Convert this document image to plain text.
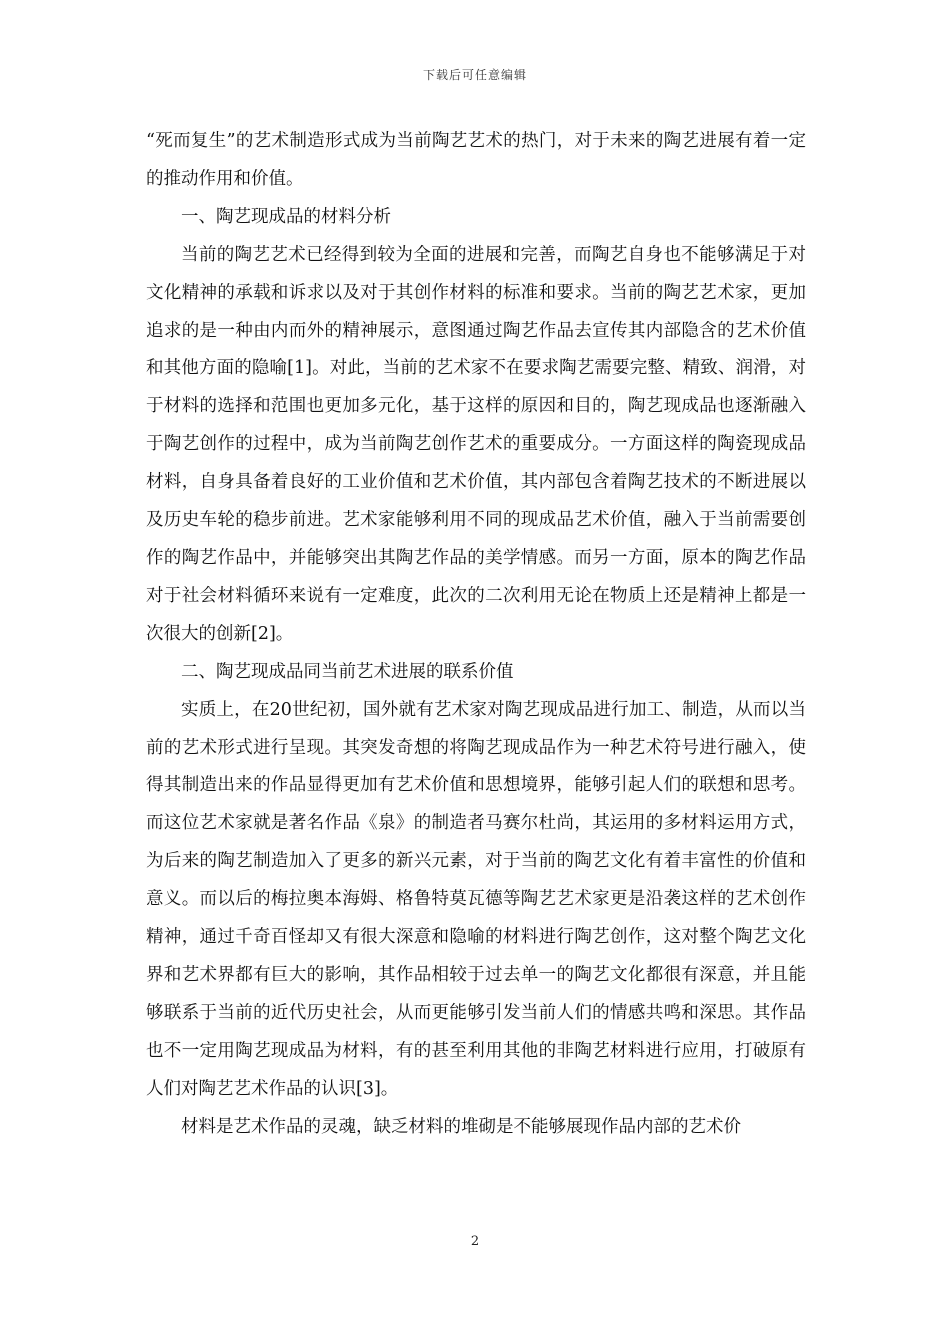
下载后可任意编辑

“死而复生”的艺术制造形式成为当前陶艺艺术的热门，对于未来的陶艺进展有着一定的推动作用和价值。

一、陶艺现成品的材料分析

当前的陶艺艺术已经得到较为全面的进展和完善，而陶艺自身也不能够满足于对文化精神的承载和诉求以及对于其创作材料的标准和要求。当前的陶艺艺术家，更加追求的是一种由内而外的精神展示，意图通过陶艺作品去宣传其内部隐含的艺术价值和其他方面的隐喻[1]。对此，当前的艺术家不在要求陶艺需要完整、精致、润滑，对于材料的选择和范围也更加多元化，基于这样的原因和目的，陶艺现成品也逐渐融入于陶艺创作的过程中，成为当前陶艺创作艺术的重要成分。一方面这样的陶瓷现成品材料，自身具备着良好的工业价值和艺术价值，其内部包含着陶艺技术的不断进展以及历史车轮的稳步前进。艺术家能够利用不同的现成品艺术价值，融入于当前需要创作的陶艺作品中，并能够突出其陶艺作品的美学情感。而另一方面，原本的陶艺作品对于社会材料循环来说有一定难度，此次的二次利用无论在物质上还是精神上都是一次很大的创新[2]。

二、陶艺现成品同当前艺术进展的联系价值

实质上，在20世纪初，国外就有艺术家对陶艺现成品进行加工、制造，从而以当前的艺术形式进行呈现。其突发奇想的将陶艺现成品作为一种艺术符号进行融入，使得其制造出来的作品显得更加有艺术价值和思想境界，能够引起人们的联想和思考。而这位艺术家就是著名作品《泉》的制造者马赛尔杜尚，其运用的多材料运用方式，为后来的陶艺制造加入了更多的新兴元素，对于当前的陶艺文化有着丰富性的价值和意义。而以后的梅拉奥本海姆、格鲁特莫瓦德等陶艺艺术家更是沿袭这样的艺术创作精神，通过千奇百怪却又有很大深意和隐喻的材料进行陶艺创作，这对整个陶艺文化界和艺术界都有巨大的影响，其作品相较于过去单一的陶艺文化都很有深意，并且能够联系于当前的近代历史社会，从而更能够引发当前人们的情感共鸣和深思。其作品也不一定用陶艺现成品为材料，有的甚至利用其他的非陶艺材料进行应用，打破原有人们对陶艺艺术作品的认识[3]。

材料是艺术作品的灵魂，缺乏材料的堆砌是不能够展现作品内部的艺术价

2
